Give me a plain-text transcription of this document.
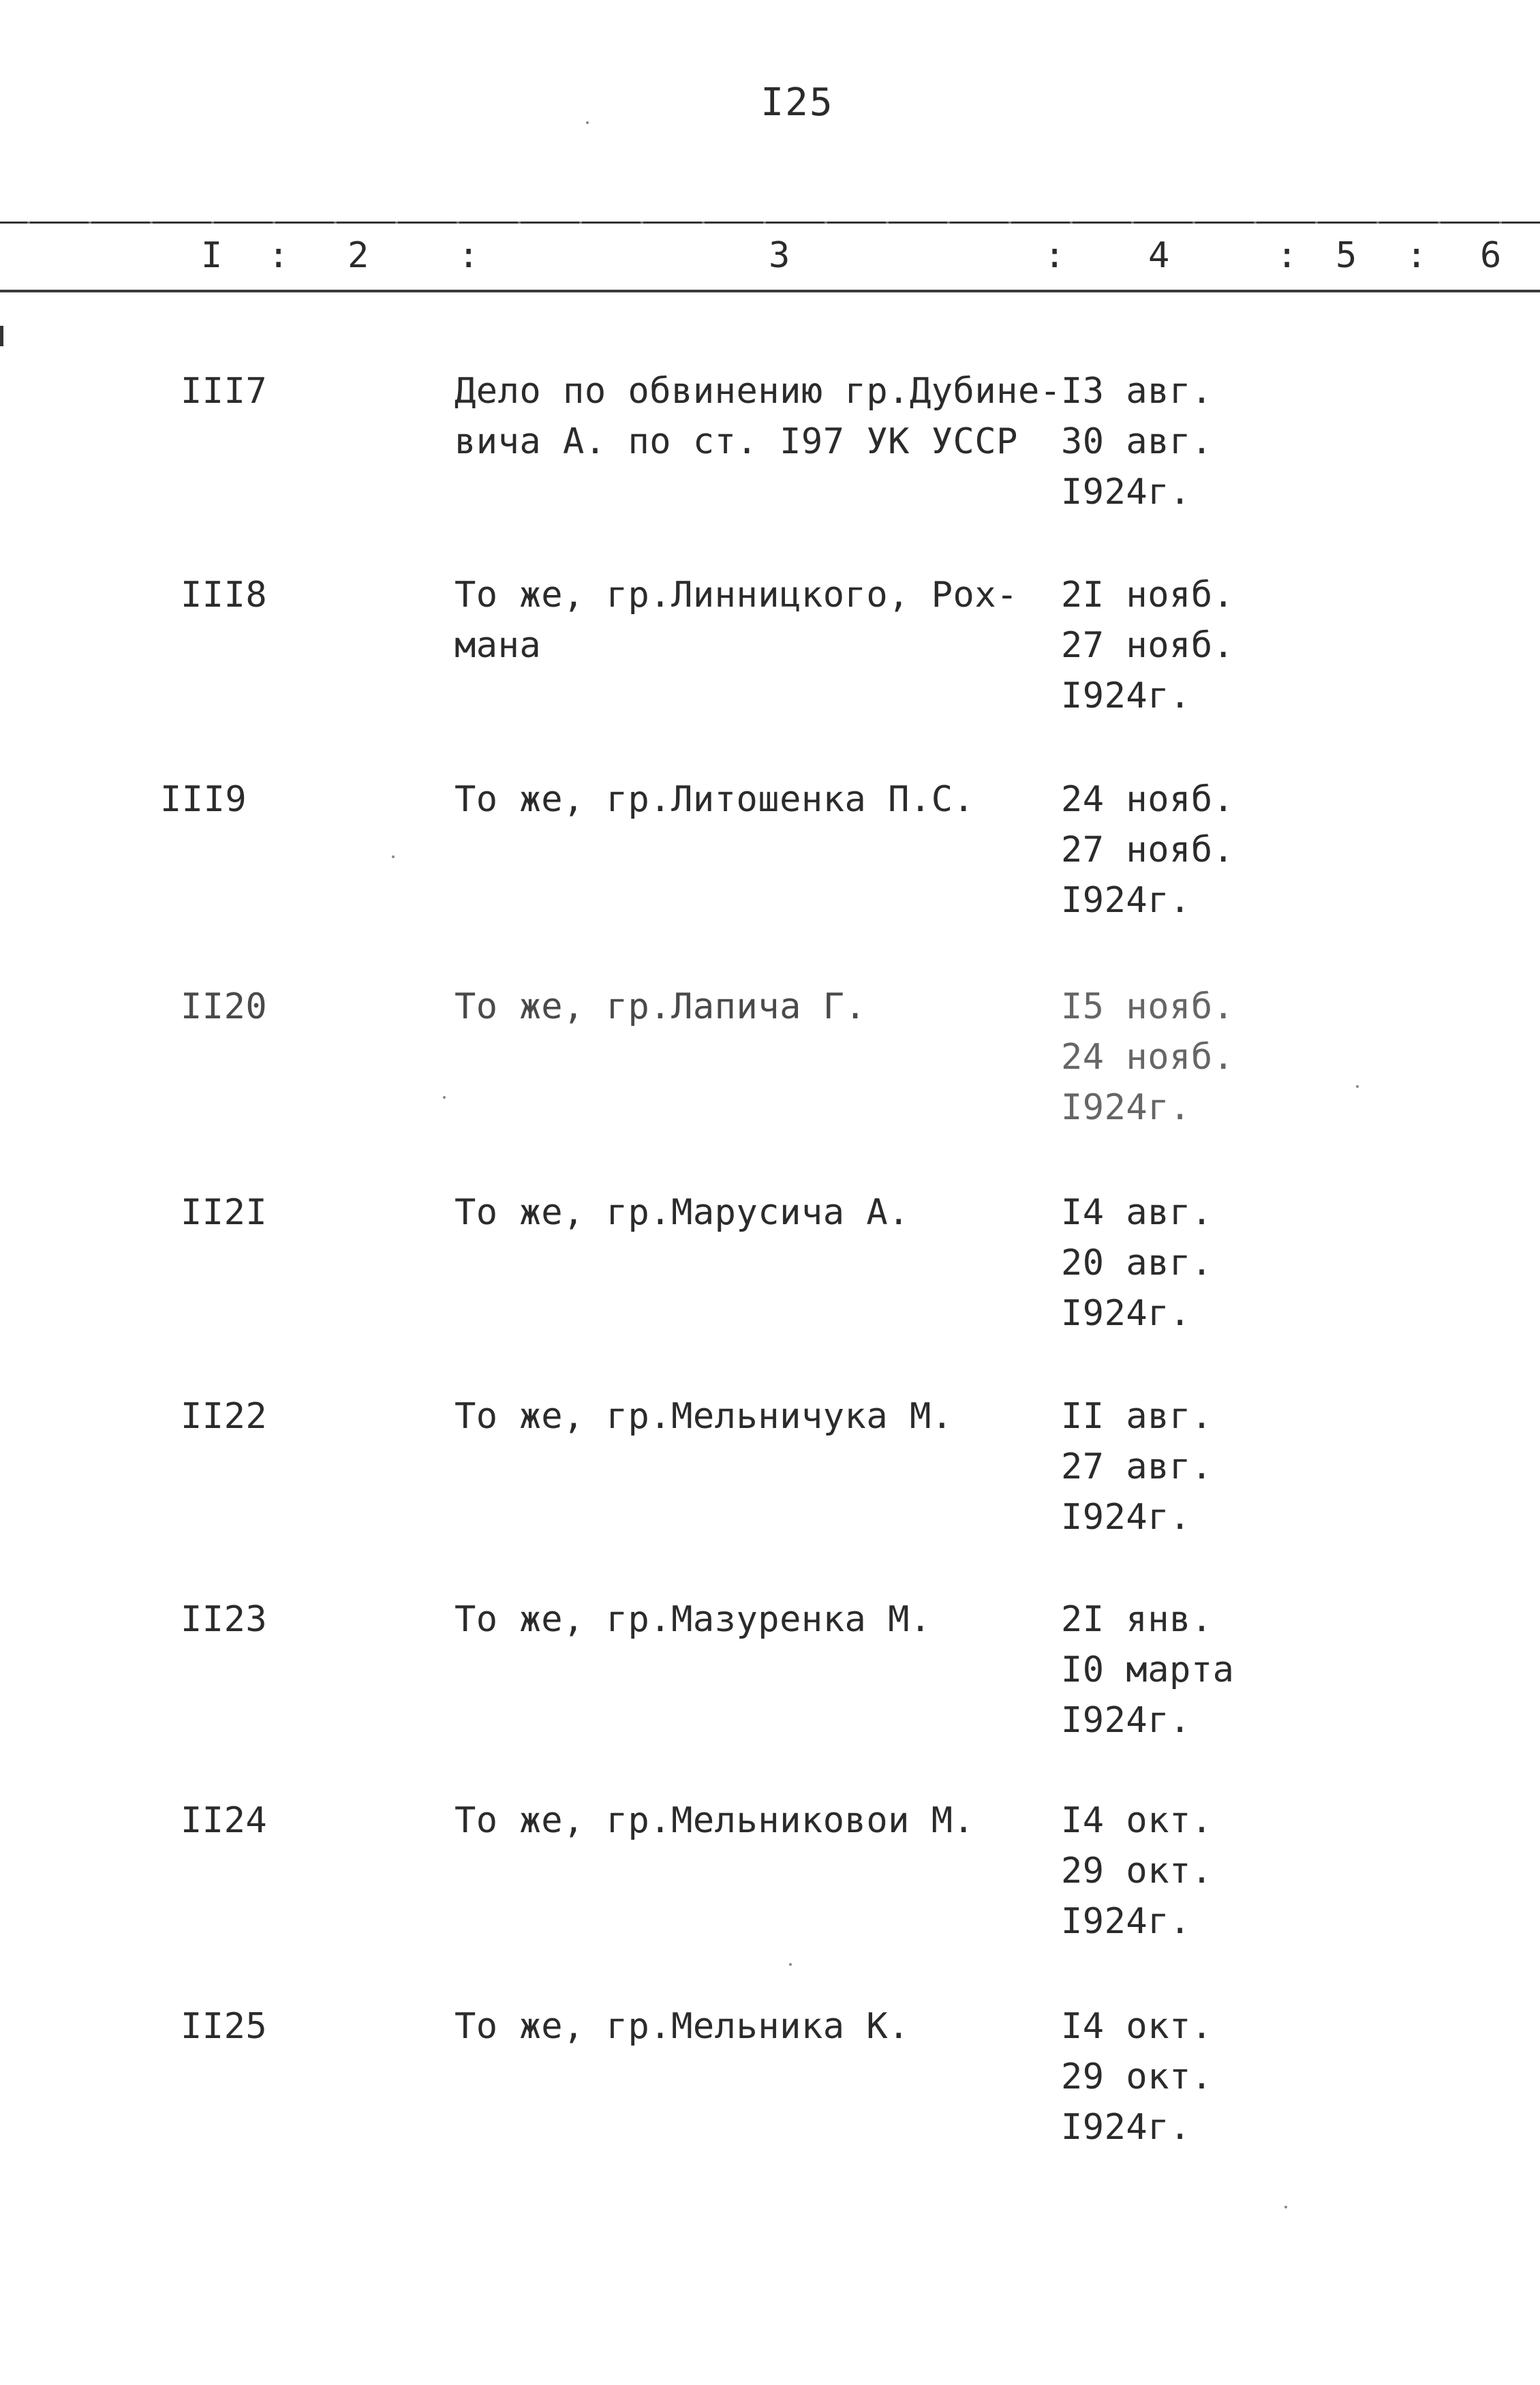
I25
I : 2	:	3	: 4	: 5 : 6
III7	Дело по обвинению гр.Дубине-
вича А. по ст. I97 УК УССР
I3 авг.
30 авг.
I924г.
III8	То же, гр.Линницкого, Рох-
мана
2I нояб.
27 нояб.
I924г.
III9	То же, гр.Литошенка П.С. 24 нояб.
27 нояб.
I924г.
II20	То же, гр.Лапича Г.	I5 нояб.
24 нояб.
I924г.
II2I	То же, гр.Марусича А.	I4 авг.
20 авг.
I924г.
II22	То же, гр.Мельничука М.	II авг.
27 авг.
I924г.
II23	То же, гр.Мазуренка М.	2I янв.
I0 марта
I924г.
II24	То же, гр.Мельниковои М. I4 окт.
29 окт.
I924г.
II25	То же, гр.Мельника К.	I4 окт.
29 окт.
I924г.
